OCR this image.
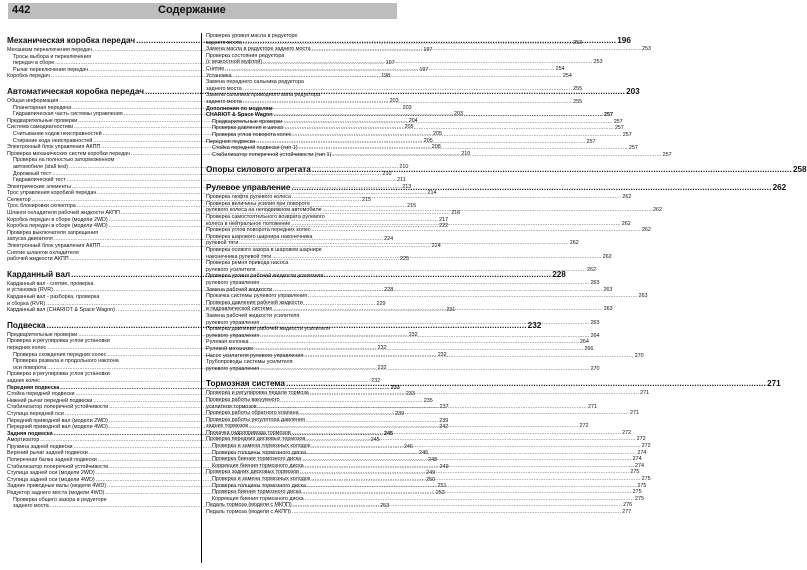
442	Содержание
Механическая коробка передач .....	196
Механизм переключения передач .....	197
Тросы выбора и переключения
передач в сборе .....	197
Рычаг переключения передач .....	197
Коробка передач .....	198
Автоматическая коробка передач .....	203
Общая информация .....	203
Планетарная передача .....	203
Гидравлическая часть системы управления .....	203
Предварительные проверки .....	204
Система самодиагностики .....	205
Считывание кодов неисправностей .....	205
Стирание кода неисправностей .....	205
Электронный блок управления АКПП .....	208
Проверка механических систем коробки передач .....	210
Проверка на полностью заторможенном
автомобиле (stall test) .....	210
Дорожный тест .....	210
Гидравлический тест .....	211
Электрические элементы .....	213
Трос управления коробкой передач .....	214
Селектор .....	215
Трос блокировки селектора .....	215
Шланги охладителя рабочей жидкости АКПП .....	216
Коробка передач в сборе (модели 2WD) .....	217
Коробка передач в сборе (модели 4WD) .....	222
Проверка выключателя запрещения
запуска двигателя .....	224
Электронный блок управления АКПП .....	224
Снятие шлангов охладителя
рабочей жидкости АКПП .....	225
Карданный вал .....	228
Карданный вал - снятие, проверка
и установка (RVR) .....	228
Карданный вал - разборка, проверка
и сборка (RVR) .....	229
Карданный вал (CHARIOT & Space Wagon) .....	231
Подвеска .....	232
Предварительные проверки .....	232
Проверка и регулировка углов установки
передних колес .....	232
Проверка схождения передних колес .....	232
Проверка развала и продольного наклона
оси поворота .....	232
Проверка и регулировка углов установки
задних колес .....	232
Передняя подвеска .....	233
Стойка передней подвески .....	233
Нижний рычаг передней подвески .....	235
Стабилизатор поперечной устойчивости .....	237
Ступица передней оси .....	239
Передний приводной вал (модели 2WD) .....	239
Передний приводной вал (модели 4WD) .....	242
Задняя подвеска .....	245
Амортизатор .....	245
Пружина задней подвески .....	246
Верхний рычаг задней подвески .....	246
Поперечная балка задней подвески .....	248
Стабилизатор поперечной устойчивости .....	249
Ступица задней оси (модели 2WD) .....	249
Ступица задней оси (модели 4WD) .....	250
Задние приводные валы (модели 4WD) .....	251
Редуктор заднего моста (модели 4WD) .....	253
Проверка общего зазора в редукторе
заднего моста .....	253
Проверка уровня масла в редукторе
заднего моста .....	253
Замена масла в редукторе заднего моста .....	253
Проверка состояния редуктора
(с вязкостной муфтой) .....	253
Снятие .....	254
Установка .....	254
Замена переднего сальника редуктора
заднего моста .....	255
Замена сальника приводного вала редуктора
заднего моста .....	255
Дополнения по моделям
CHARIOT & Space Wagon .....	257
Предварительные проверки .....	257
Проверка давления в шинах .....	257
Проверка углов поворота колес .....	257
Передняя подвеска .....	257
Стойка передней подвески (тип 1) .....	257
Стабилизатор поперечной устойчивости (тип 1) .....	257
Опоры силового агрегата .....	258
Рулевое управление .....	262
Проверка люфта рулевого колеса .....	262
Проверка величины усилия при повороте
рулевого колеса на неподвижном автомобиле .....	262
Проверка самостоятельного возврата рулевого
колеса в нейтральное положение .....	262
Проверка углов поворота передних колес .....	262
Проверка шарового шарнира наконечника
рулевой тяги .....	262
Проверка осевого зазора в шаровом шарнире
наконечника рулевой тяги .....	262
Проверка ремня привода насоса
рулевого усилителя .....	262
Проверка уровня рабочей жидкости усилителя
рулевого управления .....	263
Замена рабочей жидкости .....	263
Прокачка системы рулевого управления .....	263
Проверка давления рабочей жидкости
в гидравлической системе .....	263
Замена рабочей жидкости усилителя
рулевого управления .....	263
Проверка давления рабочей жидкости усилителя
рулевого управления .....	264
Рулевая колонка .....	264
Рулевой механизм .....	266
Насос усилителя рулевого управления .....	270
Трубопроводы системы усилителя
рулевого управления .....	270
Тормозная система .....	271
Проверка и регулировка педали тормоза .....	271
Проверка работы вакуумного
усилителя тормозов .....	271
Проверка работы обратного клапана .....	271
Проверка работы регулятора давления
задних тормозов .....	272
Прокачка гидропривода тормозов .....	272
Проверка передних дисковых тормозов .....	272
Проверка и замена тормозных колодок .....	272
Проверка толщины тормозного диска .....	274
Проверка биения тормозного диска .....	274
Коррекция биения тормозного диска .....	274
Проверка задних дисковых тормозов .....	275
Проверка и замена тормозных колодок .....	275
Проверка толщины тормозного диска .....	275
Проверка биения тормозного диска .....	275
Коррекция биения тормозного диска .....	275
Педаль тормоза (модели с МКПП) .....	276
Педаль тормоза (модели с АКПП) .....	277
